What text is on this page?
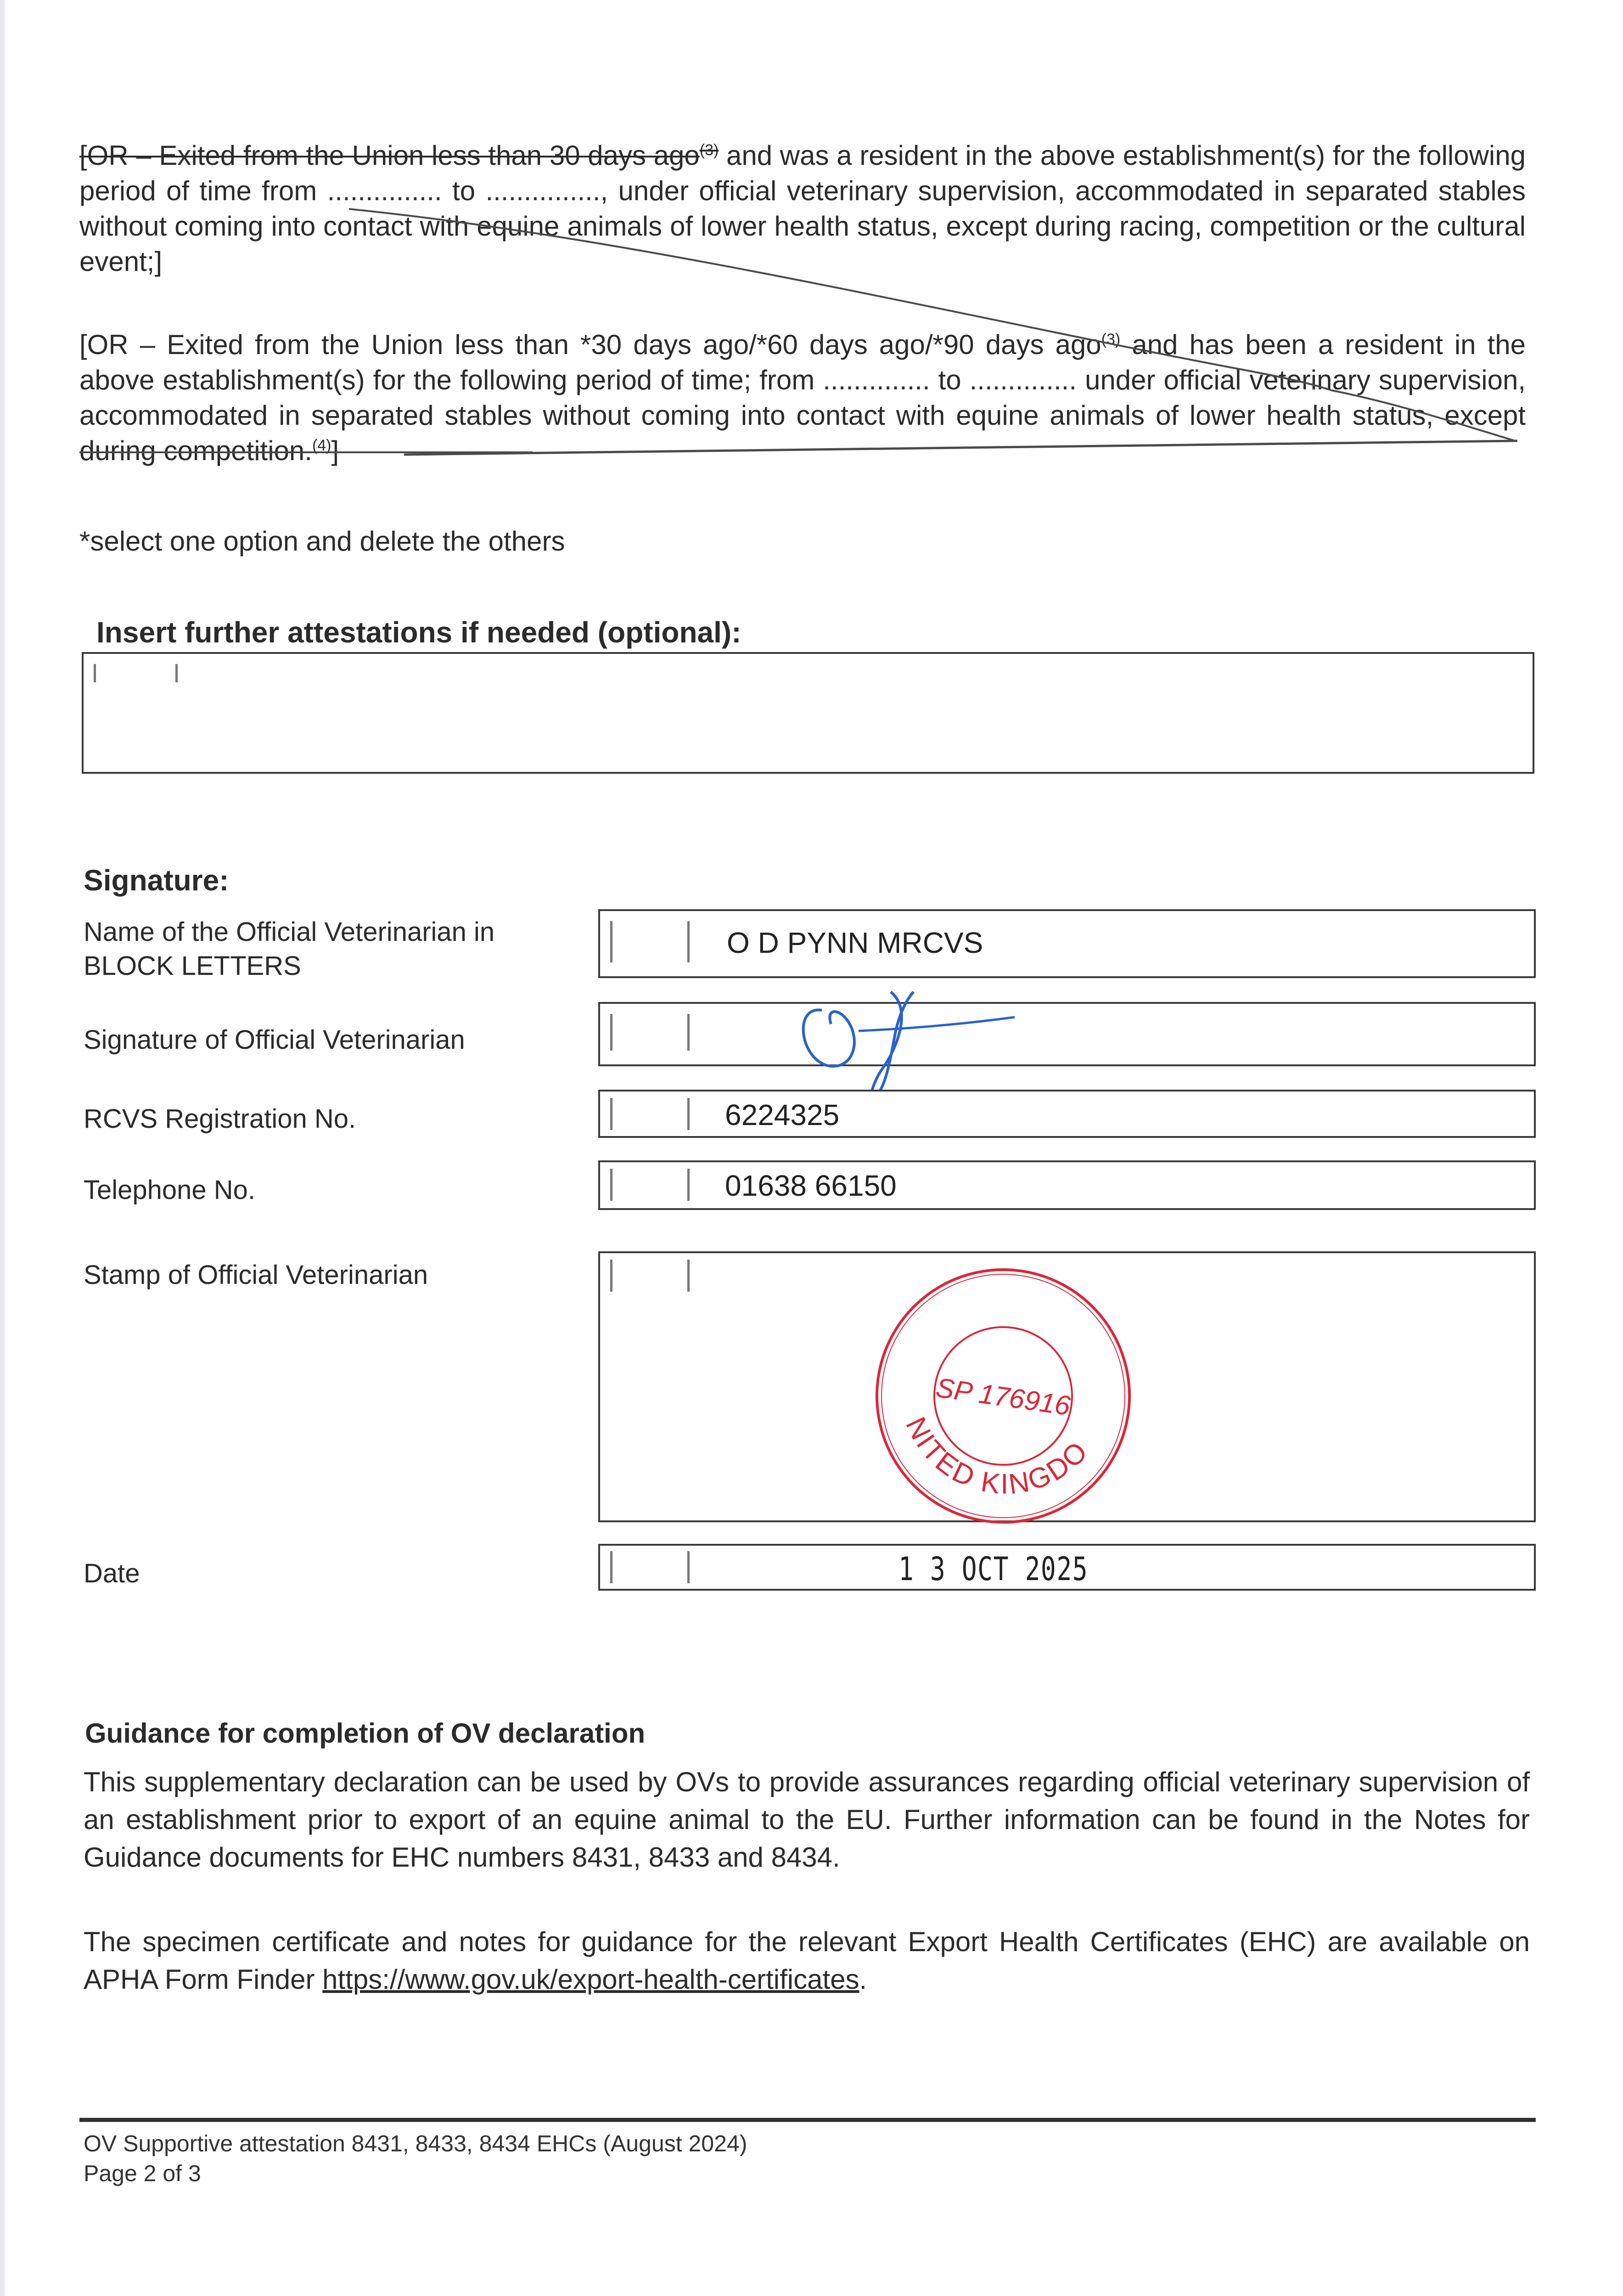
[OR – Exited from the Union less than 30 days ago$^{(3)}$ and was a resident in the above establishment(s) for the following period of time from ............... to ..............., under official veterinary supervision, accommodated in separated stables without coming into contact with equine animals of lower health status, except during racing, competition or the cultural event;]
[OR – Exited from the Union less than *30 days ago/*60 days ago/*90 days ago$^{(3)}$ and has been a resident in the above establishment(s) for the following period of time; from .............. to .............. under official veterinary supervision, accommodated in separated stables without coming into contact with equine animals of lower health status, except during competition.$^{(4)}$]
*select one option and delete the others
Insert further attestations if needed (optional):
Signature:
Name of the Official Veterinarian in BLOCK LETTERS
O D PYNN MRCVS
Signature of Official Veterinarian
RCVS Registration No.	6224325
Telephone No.	01638 66150
Stamp of Official Veterinarian
UNITED KINGDOM
SP 176916
Date	1 3 OCT 2025
Guidance for completion of OV declaration
This supplementary declaration can be used by OVs to provide assurances regarding official veterinary supervision of an establishment prior to export of an equine animal to the EU. Further information can be found in the Notes for Guidance documents for EHC numbers 8431, 8433 and 8434.
The specimen certificate and notes for guidance for the relevant Export Health Certificates (EHC) are available on APHA Form Finder https://www.gov.uk/export-health-certificates.
OV Supportive attestation 8431, 8433, 8434 EHCs (August 2024)
Page 2 of 3
